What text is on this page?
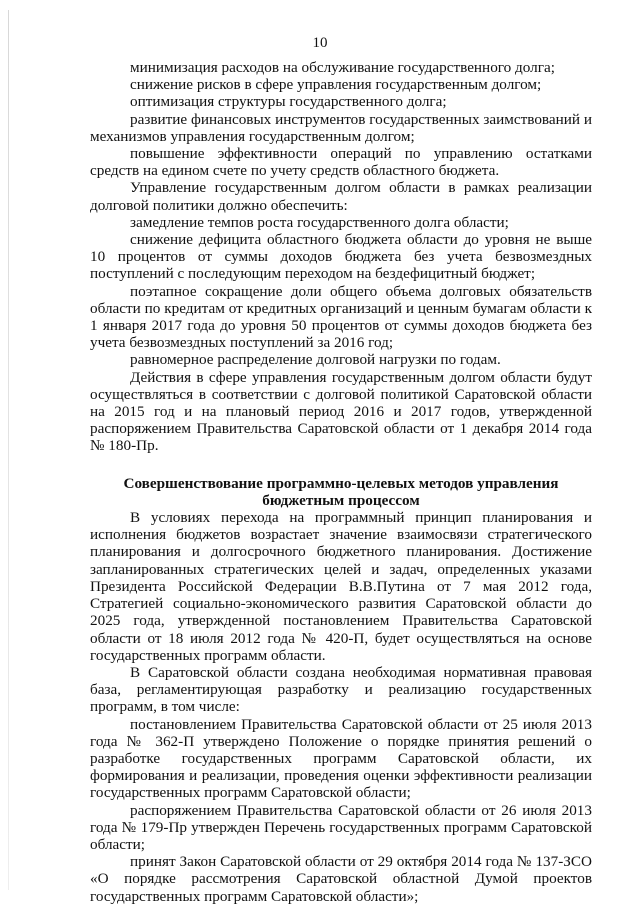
10

минимизация расходов на обслуживание государственного долга;

снижение рисков в сфере управления государственным долгом;

оптимизация структуры государственного долга;

развитие финансовых инструментов государственных заимствований и механизмов управления государственным долгом;

повышение эффективности операций по управлению остатками средств на едином счете по учету средств областного бюджета.

Управление государственным долгом области в рамках реализации долговой политики должно обеспечить:

замедление темпов роста государственного долга области;

снижение дефицита областного бюджета области до уровня не выше 10 процентов от суммы доходов бюджета без учета безвозмездных поступлений с последующим переходом на бездефицитный бюджет;

поэтапное сокращение доли общего объема долговых обязательств области по кредитам от кредитных организаций и ценным бумагам области к 1 января 2017 года до уровня 50 процентов от суммы доходов бюджета без учета безвозмездных поступлений за 2016 год;

равномерное распределение долговой нагрузки по годам.

Действия в сфере управления государственным долгом области будут осуществляться в соответствии с долговой политикой Саратовской области на 2015 год и на плановый период 2016 и 2017 годов, утвержденной распоряжением Правительства Саратовской области от 1 декабря 2014 года № 180-Пр.

Совершенствование программно-целевых методов управления бюджетным процессом

В условиях перехода на программный принцип планирования и исполнения бюджетов возрастает значение взаимосвязи стратегического планирования и долгосрочного бюджетного планирования. Достижение запланированных стратегических целей и задач, определенных указами Президента Российской Федерации В.В.Путина от 7 мая 2012 года, Стратегией социально-экономического развития Саратовской области до 2025 года, утвержденной постановлением Правительства Саратовской области от 18 июля 2012 года № 420-П, будет осуществляться на основе государственных программ области.

В Саратовской области создана необходимая нормативная правовая база, регламентирующая разработку и реализацию государственных программ, в том числе:

постановлением Правительства Саратовской области от 25 июля 2013 года № 362-П утверждено Положение о порядке принятия решений о разработке государственных программ Саратовской области, их формирования и реализации, проведения оценки эффективности реализации государственных программ Саратовской области;

распоряжением Правительства Саратовской области от 26 июля 2013 года № 179-Пр утвержден Перечень государственных программ Саратовской области;

принят Закон Саратовской области от 29 октября 2014 года № 137-ЗСО «О порядке рассмотрения Саратовской областной Думой проектов государственных программ Саратовской области»;
